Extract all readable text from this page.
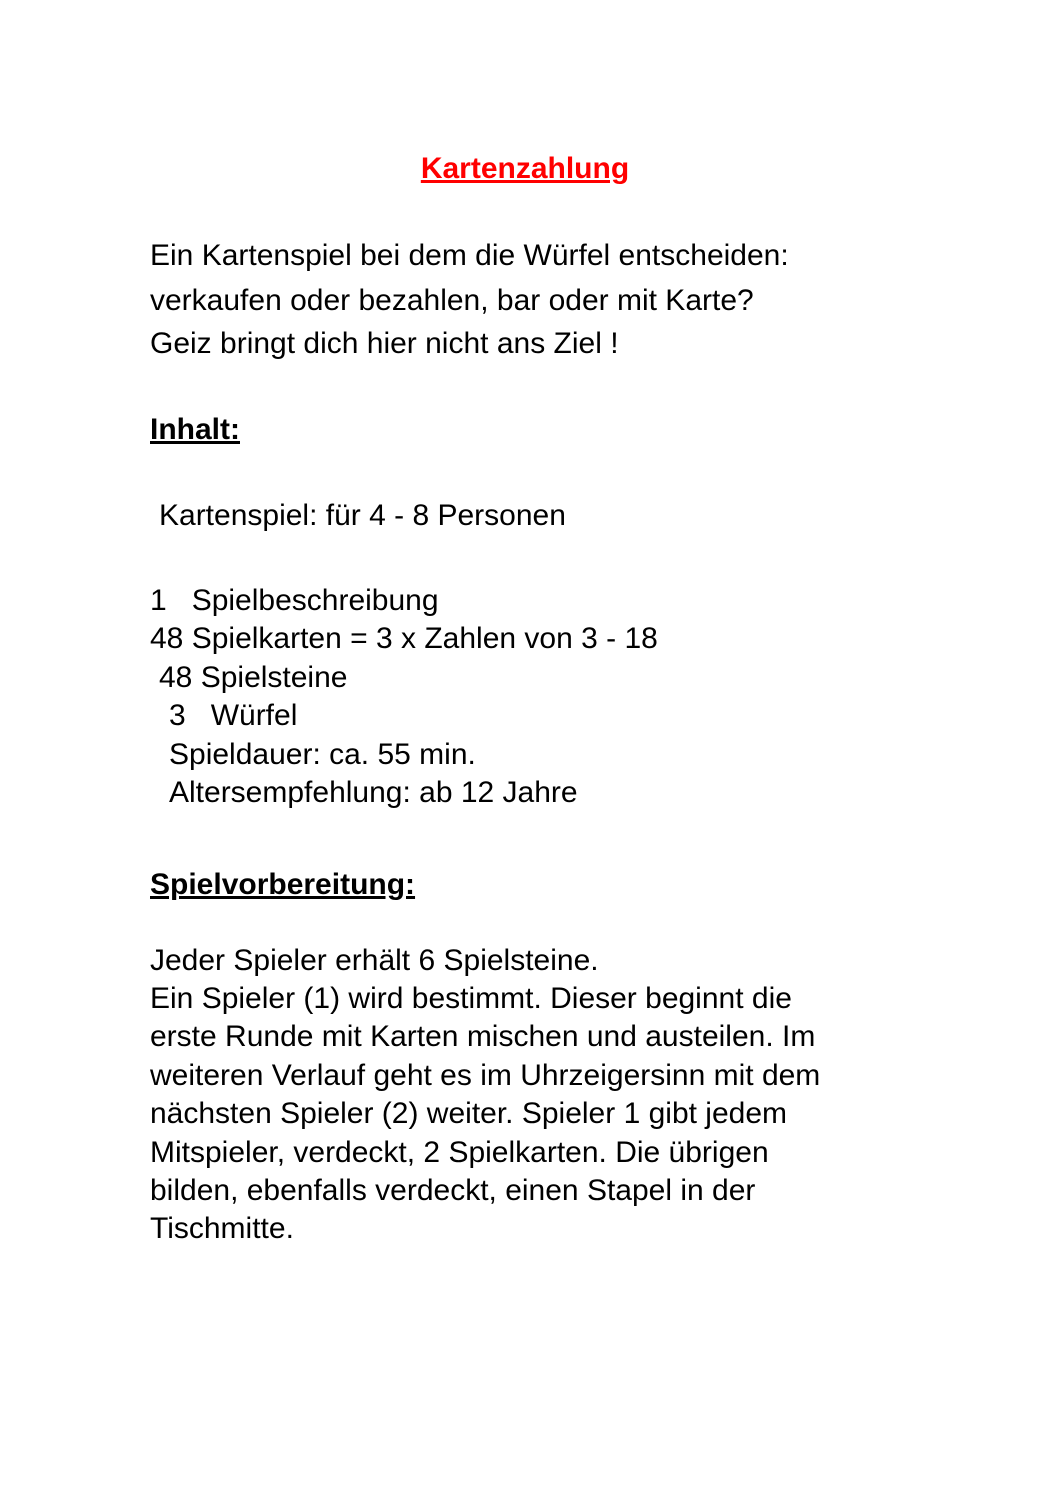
Kartenzahlung
Ein Kartenspiel bei dem die Würfel entscheiden:
verkaufen oder bezahlen, bar oder mit Karte?
Geiz bringt dich hier nicht ans Ziel !
Inhalt:
Kartenspiel: für 4 - 8 Personen
1   Spielbeschreibung
48 Spielkarten = 3 x Zahlen von 3 - 18
48 Spielsteine
3   Würfel
Spieldauer: ca. 55 min.
Altersempfehlung: ab 12 Jahre
Spielvorbereitung:
Jeder Spieler erhält 6 Spielsteine.
Ein Spieler (1) wird bestimmt. Dieser beginnt die
erste Runde mit Karten mischen und austeilen. Im
weiteren Verlauf geht es im Uhrzeigersinn mit dem
nächsten Spieler (2) weiter. Spieler 1 gibt jedem
Mitspieler, verdeckt, 2 Spielkarten. Die übrigen
bilden, ebenfalls verdeckt, einen Stapel in der
Tischmitte.
